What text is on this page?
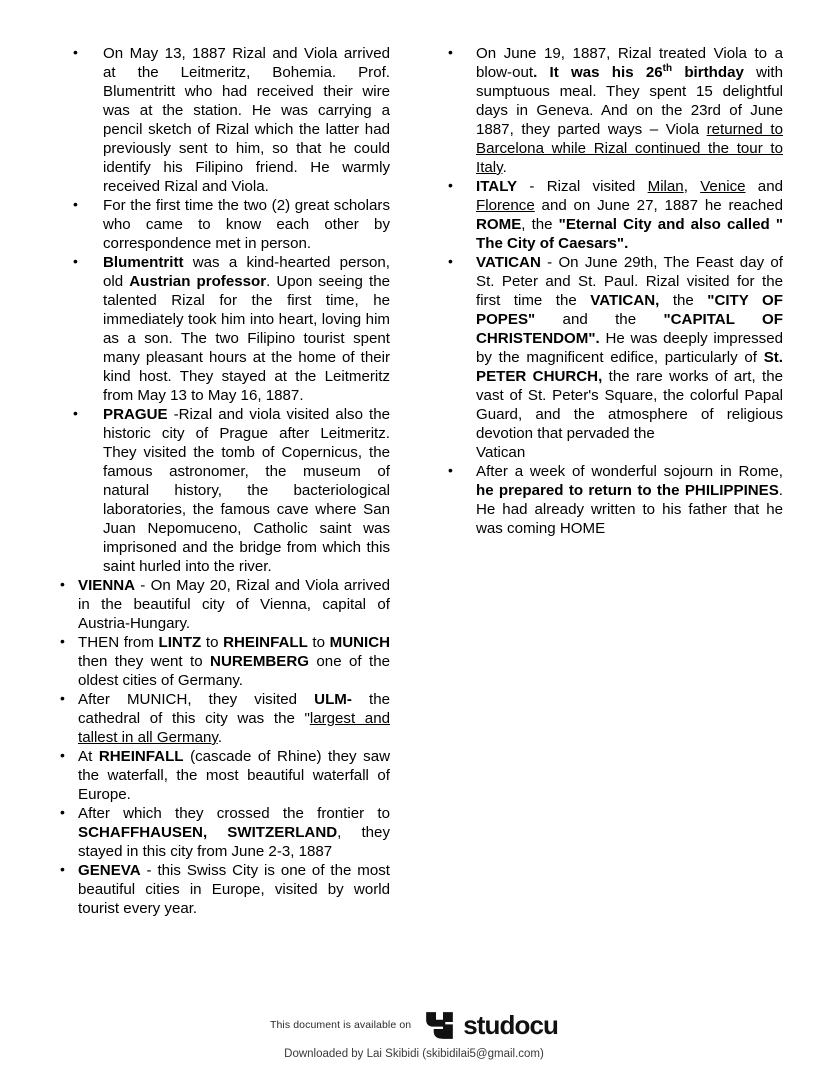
• On May 13, 1887 Rizal and Viola arrived at the Leitmeritz, Bohemia. Prof. Blumentritt who had received their wire was at the station. He was carrying a pencil sketch of Rizal which the latter had previously sent to him, so that he could identify his Filipino friend. He warmly received Rizal and Viola.
• For the first time the two (2) great scholars who came to know each other by correspondence met in person.
• Blumentritt was a kind-hearted person, old Austrian professor. Upon seeing the talented Rizal for the first time, he immediately took him into heart, loving him as a son. The two Filipino tourist spent many pleasant hours at the home of their kind host. They stayed at the Leitmeritz from May 13 to May 16, 1887.
• PRAGUE -Rizal and viola visited also the historic city of Prague after Leitmeritz. They visited the tomb of Copernicus, the famous astronomer, the museum of natural history, the bacteriological laboratories, the famous cave where San Juan Nepomuceno, Catholic saint was imprisoned and the bridge from which this saint hurled into the river.
• VIENNA - On May 20, Rizal and Viola arrived in the beautiful city of Vienna, capital of Austria-Hungary.
• THEN from LINTZ to RHEINFALL to MUNICH then they went to NUREMBERG one of the oldest cities of Germany.
• After MUNICH, they visited ULM- the cathedral of this city was the "largest and tallest in all Germany.
• At RHEINFALL (cascade of Rhine) they saw the waterfall, the most beautiful waterfall of Europe.
• After which they crossed the frontier to SCHAFFHAUSEN, SWITZERLAND, they stayed in this city from June 2-3, 1887
• GENEVA - this Swiss City is one of the most beautiful cities in Europe, visited by world tourist every year.
• On June 19, 1887, Rizal treated Viola to a blow-out. It was his 26th birthday with sumptuous meal. They spent 15 delightful days in Geneva. And on the 23rd of June 1887, they parted ways – Viola returned to Barcelona while Rizal continued the tour to Italy.
• ITALY - Rizal visited Milan, Venice and Florence and on June 27, 1887 he reached ROME, the "Eternal City and also called " The City of Caesars".
• VATICAN - On June 29th, The Feast day of St. Peter and St. Paul. Rizal visited for the first time the VATICAN, the "CITY OF POPES" and the "CAPITAL OF CHRISTENDOM". He was deeply impressed by the magnificent edifice, particularly of St. PETER CHURCH, the rare works of art, the vast of St. Peter's Square, the colorful Papal Guard, and the atmosphere of religious devotion that pervaded the
Vatican
• After a week of wonderful sojourn in Rome, he prepared to return to the PHILIPPINES. He had already written to his father that he was coming HOME
This document is available on studocu
Downloaded by Lai Skibidi (skibidilai5@gmail.com)
